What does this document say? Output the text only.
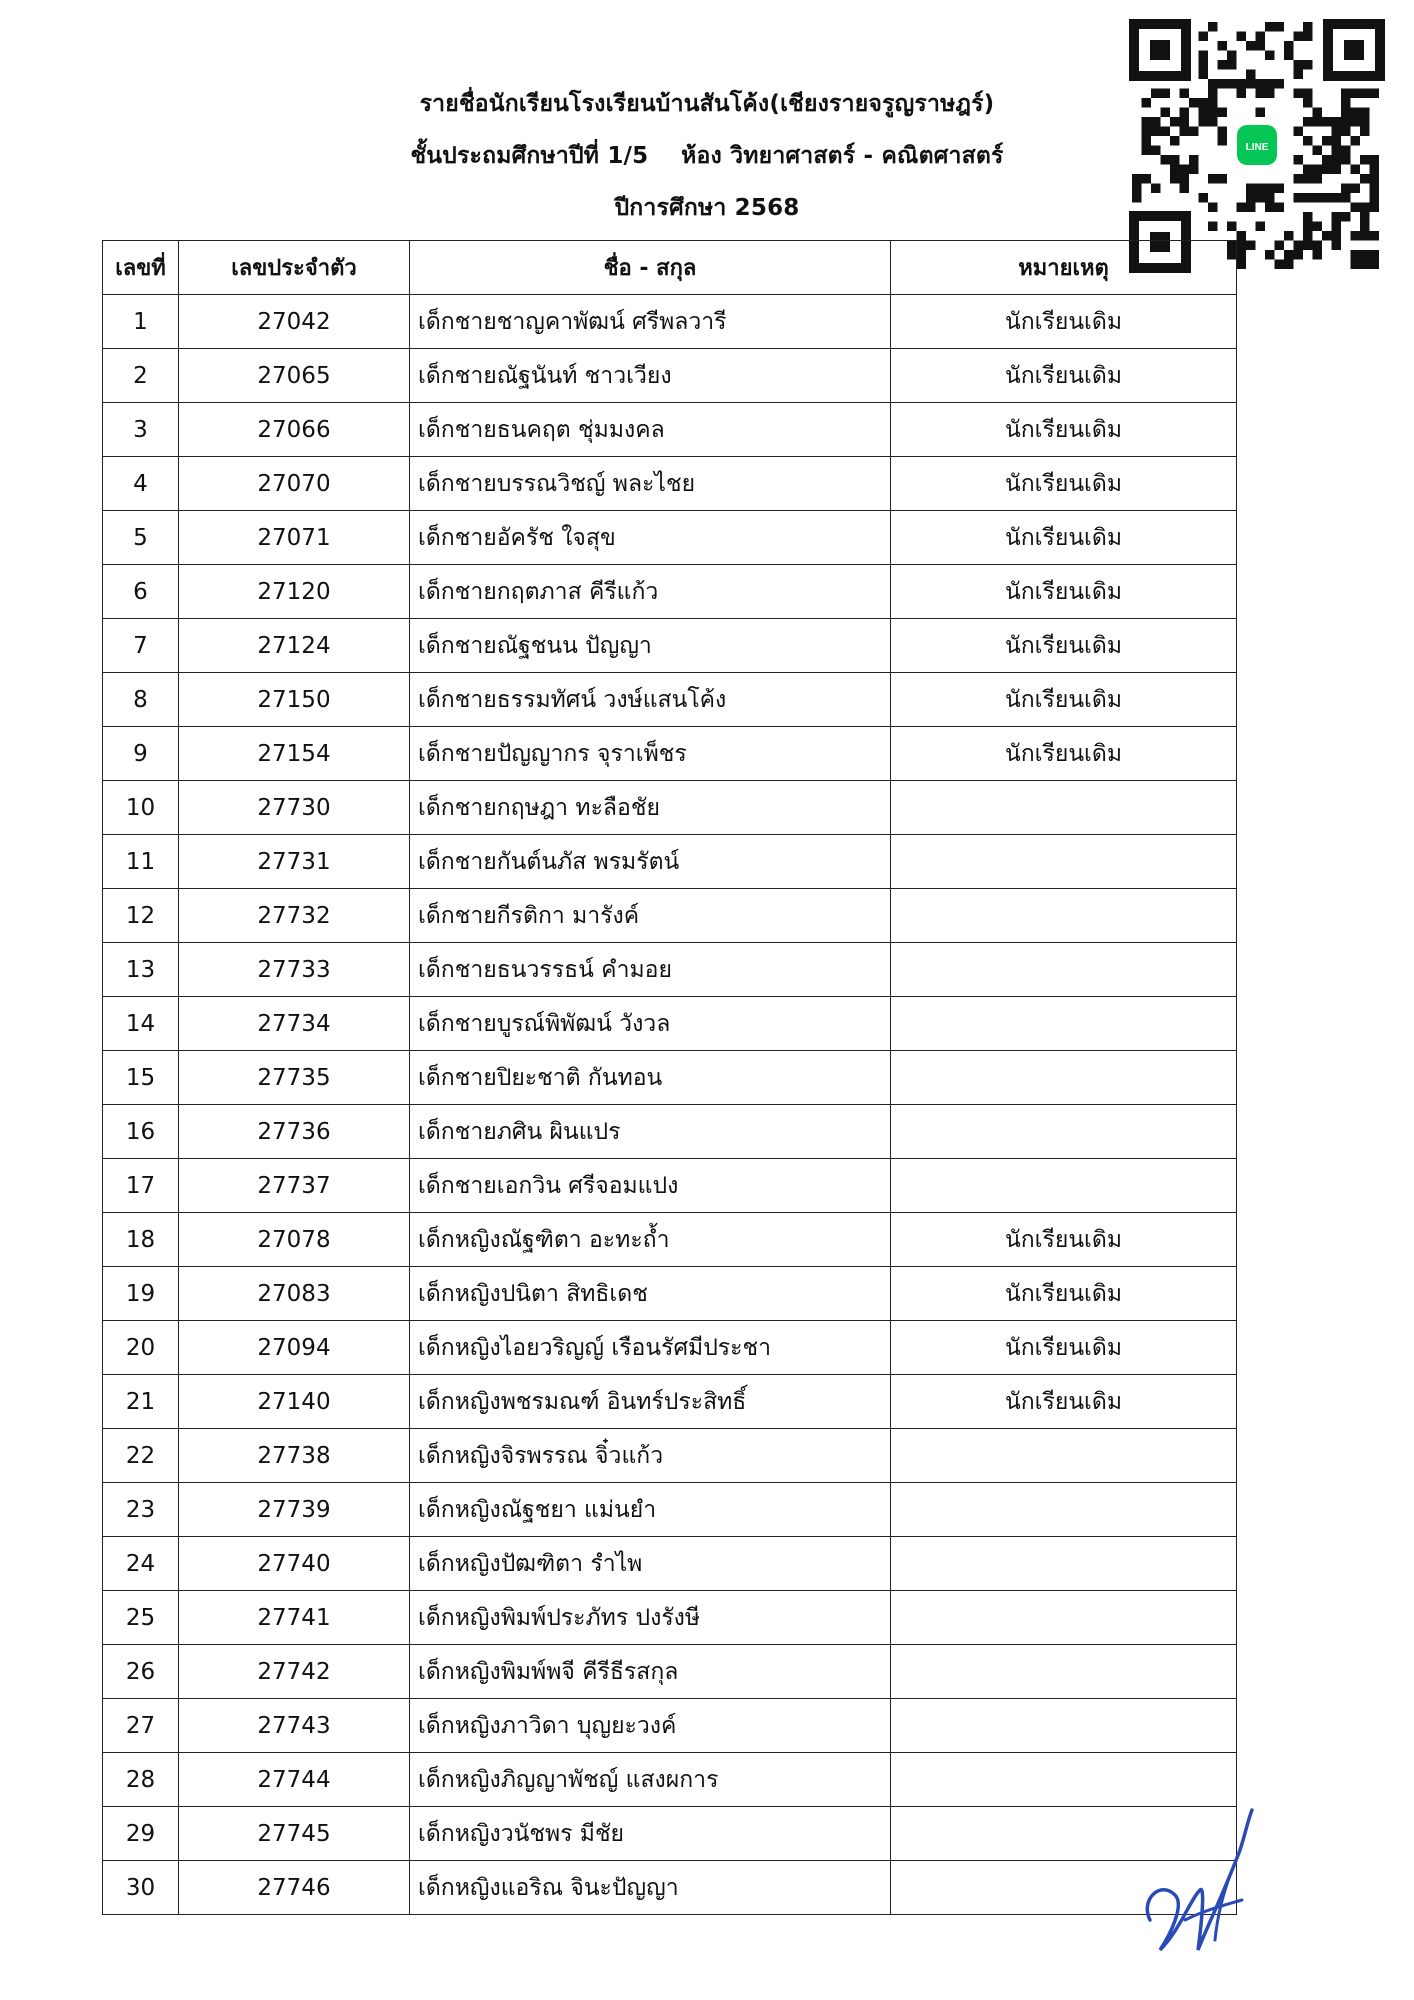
รายชื่อนักเรียนโรงเรียนบ้านสันโค้ง(เชียงรายจรูญราษฎร์)
ชั้นประถมศึกษาปีที่ 1/5    ห้อง วิทยาศาสตร์ - คณิตศาสตร์
ปีการศึกษา 2568
LINE
เลขที่	เลขประจำตัว	ชื่อ - สกุล	หมายเหตุ
1	27042	เด็กชายชาญคาพัฒน์ ศรีพลวารี	นักเรียนเดิม
2	27065	เด็กชายณัฐนันท์ ชาวเวียง	นักเรียนเดิม
3	27066	เด็กชายธนคฤต ชุ่มมงคล	นักเรียนเดิม
4	27070	เด็กชายบรรณวิชญ์ พละไชย	นักเรียนเดิม
5	27071	เด็กชายอัครัช ใจสุข	นักเรียนเดิม
6	27120	เด็กชายกฤตภาส คีรีแก้ว	นักเรียนเดิม
7	27124	เด็กชายณัฐชนน ปัญญา	นักเรียนเดิม
8	27150	เด็กชายธรรมทัศน์ วงษ์แสนโค้ง	นักเรียนเดิม
9	27154	เด็กชายปัญญากร จุราเพ็ชร	นักเรียนเดิม
10	27730	เด็กชายกฤษฎา ทะลือชัย	
11	27731	เด็กชายกันต์นภัส พรมรัตน์	
12	27732	เด็กชายกีรติกา มารังค์	
13	27733	เด็กชายธนวรรธน์ คำมอย	
14	27734	เด็กชายบูรณ์พิพัฒน์ วังวล	
15	27735	เด็กชายปิยะชาติ กันทอน	
16	27736	เด็กชายภศิน ผินแปร	
17	27737	เด็กชายเอกวิน ศรีจอมแปง	
18	27078	เด็กหญิงณัฐฑิตา อะทะถ้ำ	นักเรียนเดิม
19	27083	เด็กหญิงปนิตา สิทธิเดช	นักเรียนเดิม
20	27094	เด็กหญิงไอยวริญญ์ เรือนรัศมีประชา	นักเรียนเดิม
21	27140	เด็กหญิงพชรมณฑ์ อินทร์ประสิทธิ์	นักเรียนเดิม
22	27738	เด็กหญิงจิรพรรณ จิ๋วแก้ว	
23	27739	เด็กหญิงณัฐชยา แม่นยำ	
24	27740	เด็กหญิงปัฒฑิตา รำไพ	
25	27741	เด็กหญิงพิมพ์ประภัทร ปงรังษี	
26	27742	เด็กหญิงพิมพ์พจี คีรีธีรสกุล	
27	27743	เด็กหญิงภาวิดา บุญยะวงค์	
28	27744	เด็กหญิงภิญญาพัชญ์ แสงผการ	
29	27745	เด็กหญิงวนัชพร มีชัย	
30	27746	เด็กหญิงแอริณ จินะปัญญา	
